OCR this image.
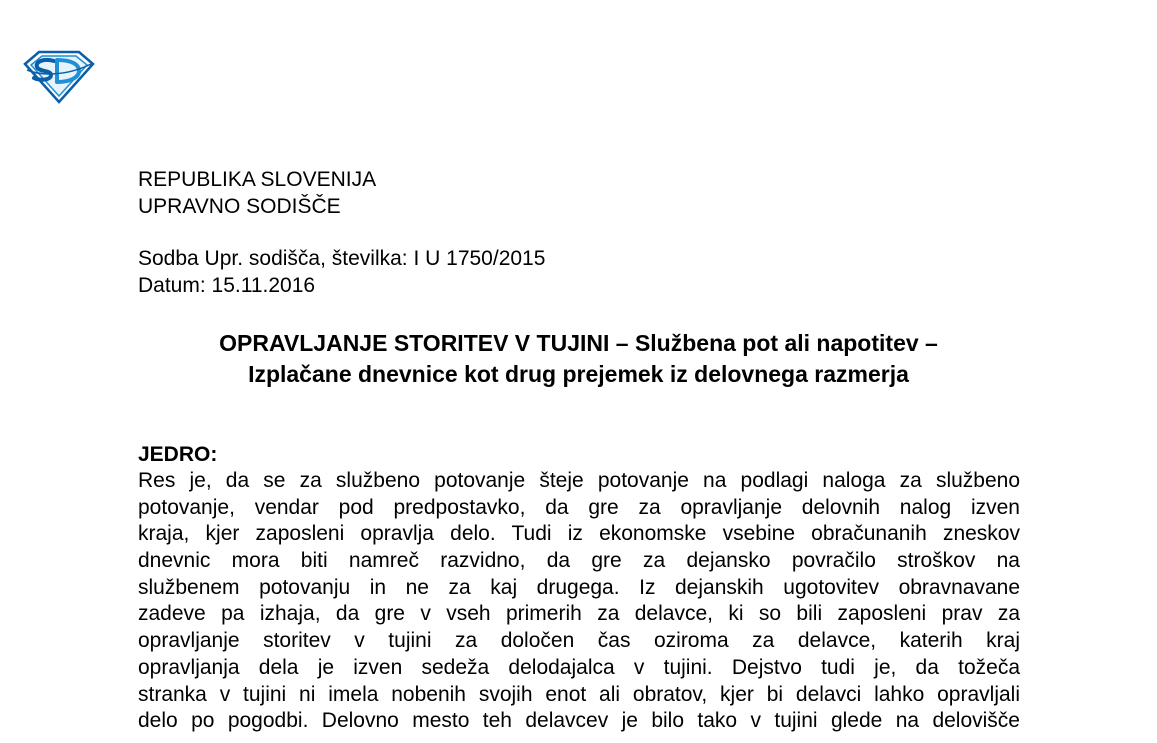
REPUBLIKA SLOVENIJA
UPRAVNO SODIŠČE
Sodba Upr. sodišča, številka: I U 1750/2015
Datum: 15.11.2016
OPRAVLJANJE STORITEV V TUJINI – Službena pot ali napotitev –
Izplačane dnevnice kot drug prejemek iz delovnega razmerja
JEDRO:
Res je, da se za službeno potovanje šteje potovanje na podlagi naloga za službeno
potovanje, vendar pod predpostavko, da gre za opravljanje delovnih nalog izven
kraja, kjer zaposleni opravlja delo. Tudi iz ekonomske vsebine obračunanih zneskov
dnevnic mora biti namreč razvidno, da gre za dejansko povračilo stroškov na
službenem potovanju in ne za kaj drugega. Iz dejanskih ugotovitev obravnavane
zadeve pa izhaja, da gre v vseh primerih za delavce, ki so bili zaposleni prav za
opravljanje storitev v tujini za določen čas oziroma za delavce, katerih kraj
opravljanja dela je izven sedeža delodajalca v tujini. Dejstvo tudi je, da tožeča
stranka v tujini ni imela nobenih svojih enot ali obratov, kjer bi delavci lahko opravljali
delo po pogodbi. Delovno mesto teh delavcev je bilo tako v tujini glede na delovišče
